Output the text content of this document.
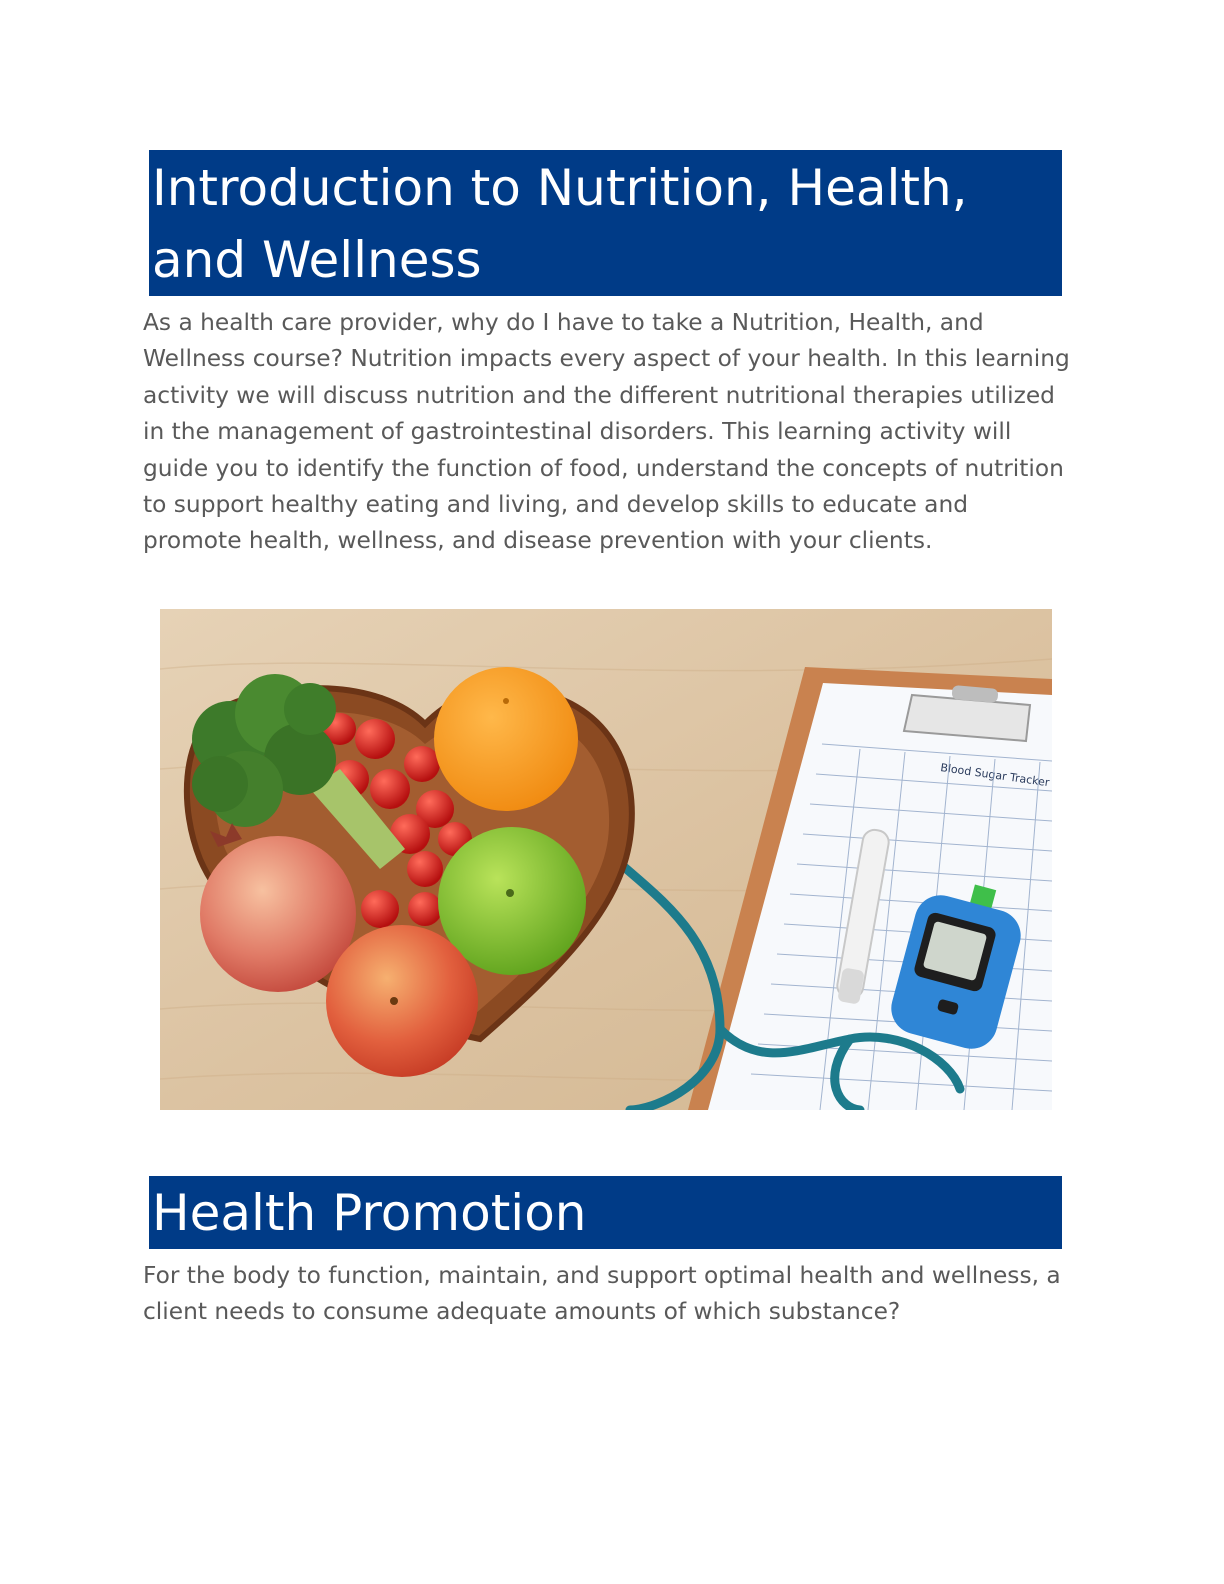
Introduction to Nutrition, Health, and Wellness

As a health care provider, why do I have to take a Nutrition, Health, and Wellness course? Nutrition impacts every aspect of your health. In this learning activity we will discuss nutrition and the different nutritional therapies utilized in the management of gastrointestinal disorders. This learning activity will guide you to identify the function of food, understand the concepts of nutrition to support healthy eating and living, and develop skills to educate and promote health, wellness, and disease prevention with your clients.

Blood Sugar Tracker
Health Promotion

For the body to function, maintain, and support optimal health and wellness, a client needs to consume adequate amounts of which substance?
